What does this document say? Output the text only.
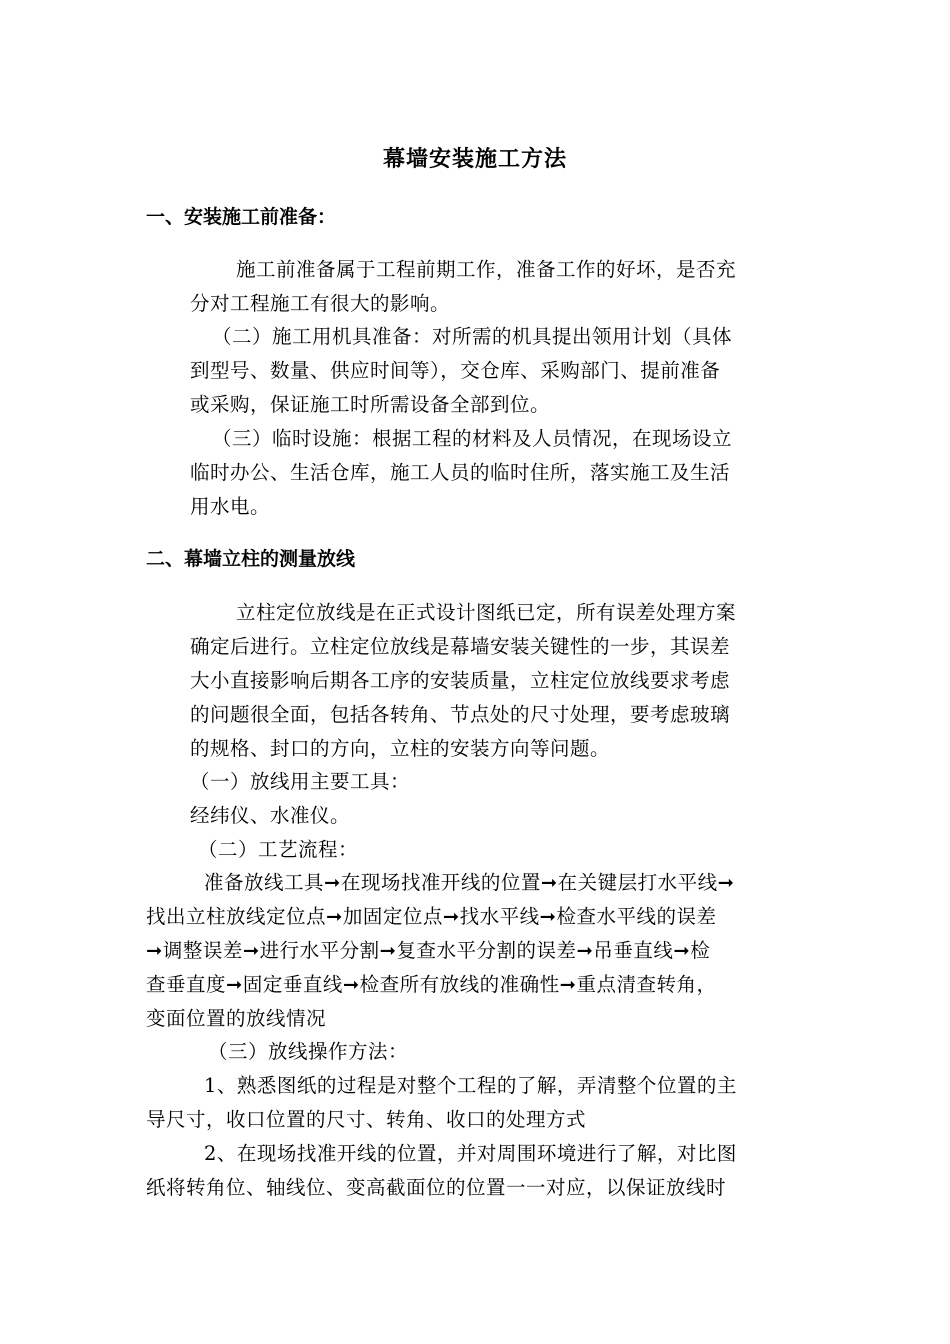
幕墙安装施工方法
一、安装施工前准备：
施工前准备属于工程前期工作，准备工作的好坏，是否充
分对工程施工有很大的影响。
（二）施工用机具准备：对所需的机具提出领用计划（具体
到型号、数量、供应时间等），交仓库、采购部门、提前准备
或采购，保证施工时所需设备全部到位。
（三）临时设施：根据工程的材料及人员情况，在现场设立
临时办公、生活仓库，施工人员的临时住所，落实施工及生活
用水电。
二、幕墙立柱的测量放线
立柱定位放线是在正式设计图纸已定，所有误差处理方案
确定后进行。立柱定位放线是幕墙安装关键性的一步，其误差
大小直接影响后期各工序的安装质量，立柱定位放线要求考虑
的问题很全面，包括各转角、节点处的尺寸处理，要考虑玻璃
的规格、封口的方向，立柱的安装方向等问题。
（一）放线用主要工具：
经纬仪、水准仪。
（二）工艺流程：
准备放线工具➞在现场找准开线的位置➞在关键层打水平线➞
找出立柱放线定位点➞加固定位点➞找水平线➞检查水平线的误差
➞调整误差➞进行水平分割➞复查水平分割的误差➞吊垂直线➞检
查垂直度➞固定垂直线➞检查所有放线的准确性➞重点清查转角，
变面位置的放线情况
（三）放线操作方法：
1、熟悉图纸的过程是对整个工程的了解，弄清整个位置的主
导尺寸，收口位置的尺寸、转角、收口的处理方式
2、在现场找准开线的位置，并对周围环境进行了解，对比图
纸将转角位、轴线位、变高截面位的位置一一对应，以保证放线时
